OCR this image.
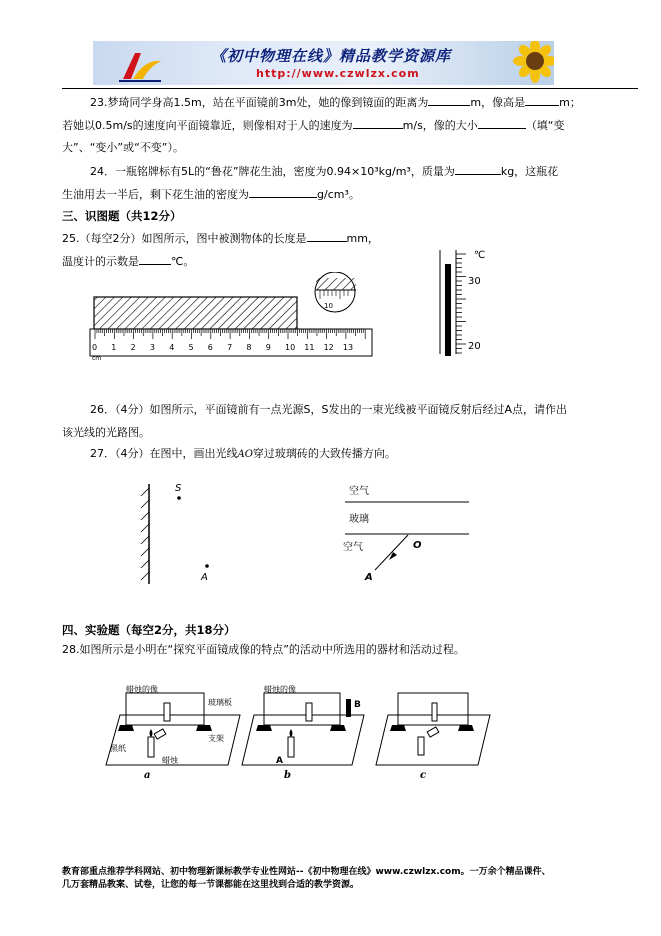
《初中物理在线》精品教学资源库
http://www.czwlzx.com
23.梦琦同学身高1.5m，站在平面镜前3m处，她的像到镜面的距离为	m，像高是	m；
若她以0.5m/s的速度向平面镜靠近，则像相对于人的速度为	m/s，像的大小	（填“变
大”、“变小”或“不变”）。
24．一瓶铭牌标有5L的“鲁花”牌花生油，密度为0.94×10³kg/m³，质量为	kg，这瓶花
生油用去一半后，剩下花生油的密度为	g/cm³。
三、识图题（共12分）
25.（每空2分）如图所示，图中被测物体的长度是	mm，
温度计的示数是	℃。
0 1 2 3 4 5 6 7 8 9 10 11 12 13
cm
10
30
20
℃
26．（4分）如图所示，平面镜前有一点光源S，S发出的一束光线被平面镜反射后经过A点，请作出
该光线的光路图。
27．（4分）在图中，画出光线AO穿过玻璃砖的大致传播方向。
S
A
空气
玻璃
空气	O
A
四、实验题（每空2分，共18分）
28.如图所示是小明在“探究平面镜成像的特点”的活动中所选用的器材和活动过程。
蜡烛的像
玻璃板
黑纸
支架
蜡烛
a
蜡烛的像
B
A
b	c
教育部重点推荐学科网站、初中物理新课标教学专业性网站--《初中物理在线》www.czwlzx.com。一万余个精品课件、
几万套精品教案、试卷，让您的每一节课都能在这里找到合适的教学资源。
